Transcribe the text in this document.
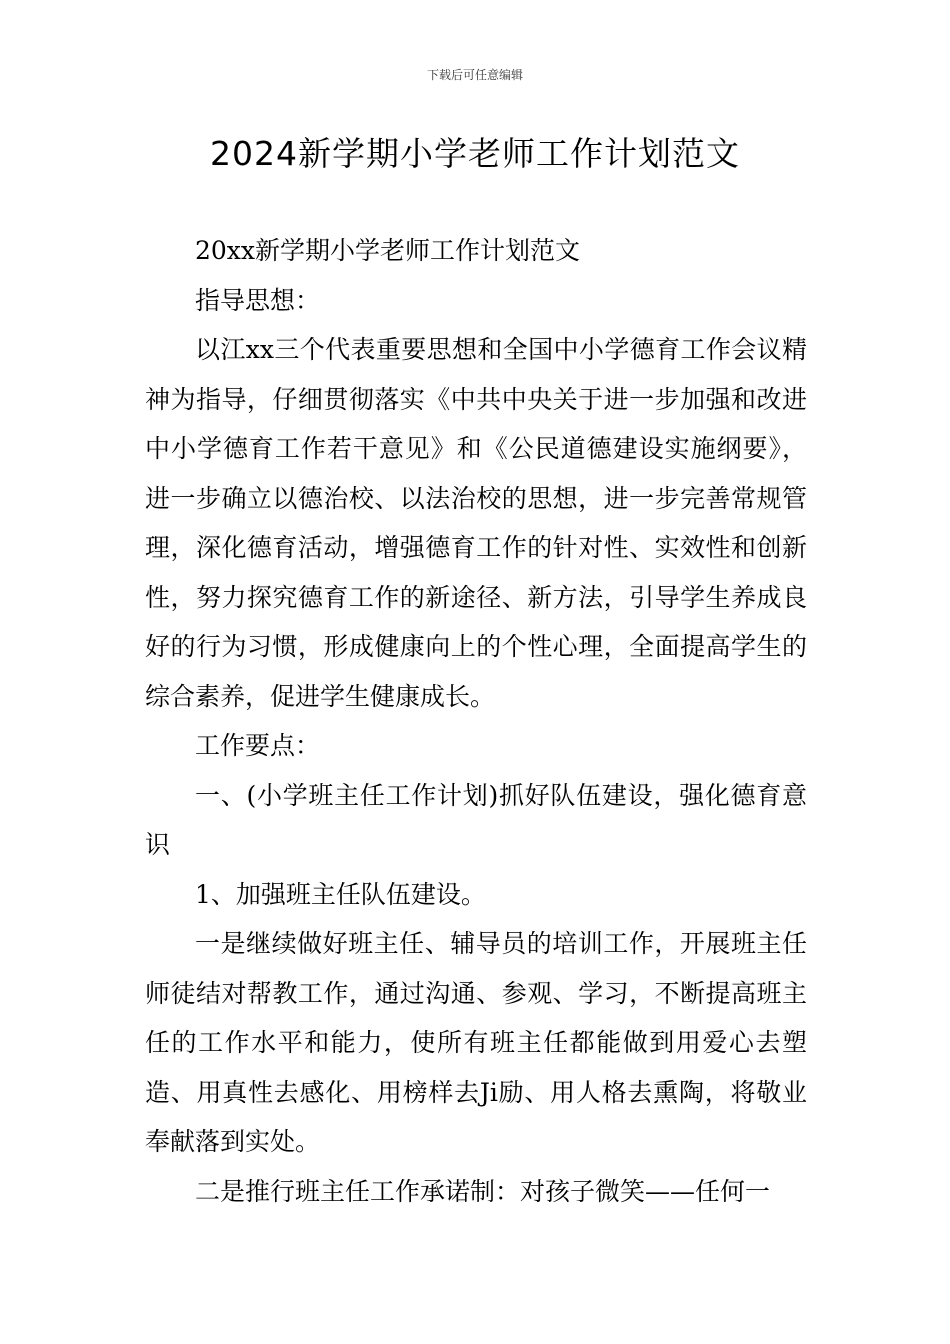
下载后可任意编辑
2024新学期小学老师工作计划范文

20xx新学期小学老师工作计划范文

指导思想：

以江xx三个代表重要思想和全国中小学德育工作会议精神为指导，仔细贯彻落实《中共中央关于进一步加强和改进中小学德育工作若干意见》和《公民道德建设实施纲要》，进一步确立以德治校、以法治校的思想，进一步完善常规管理，深化德育活动，增强德育工作的针对性、实效性和创新性，努力探究德育工作的新途径、新方法，引导学生养成良好的行为习惯，形成健康向上的个性心理，全面提高学生的综合素养，促进学生健康成长。

工作要点：

一、(小学班主任工作计划)抓好队伍建设，强化德育意识

1、加强班主任队伍建设。

一是继续做好班主任、辅导员的培训工作，开展班主任师徒结对帮教工作，通过沟通、参观、学习，不断提高班主任的工作水平和能力，使所有班主任都能做到用爱心去塑造、用真性去感化、用榜样去Ji励、用人格去熏陶，将敬业奉献落到实处。

二是推行班主任工作承诺制：对孩子微笑——任何一
